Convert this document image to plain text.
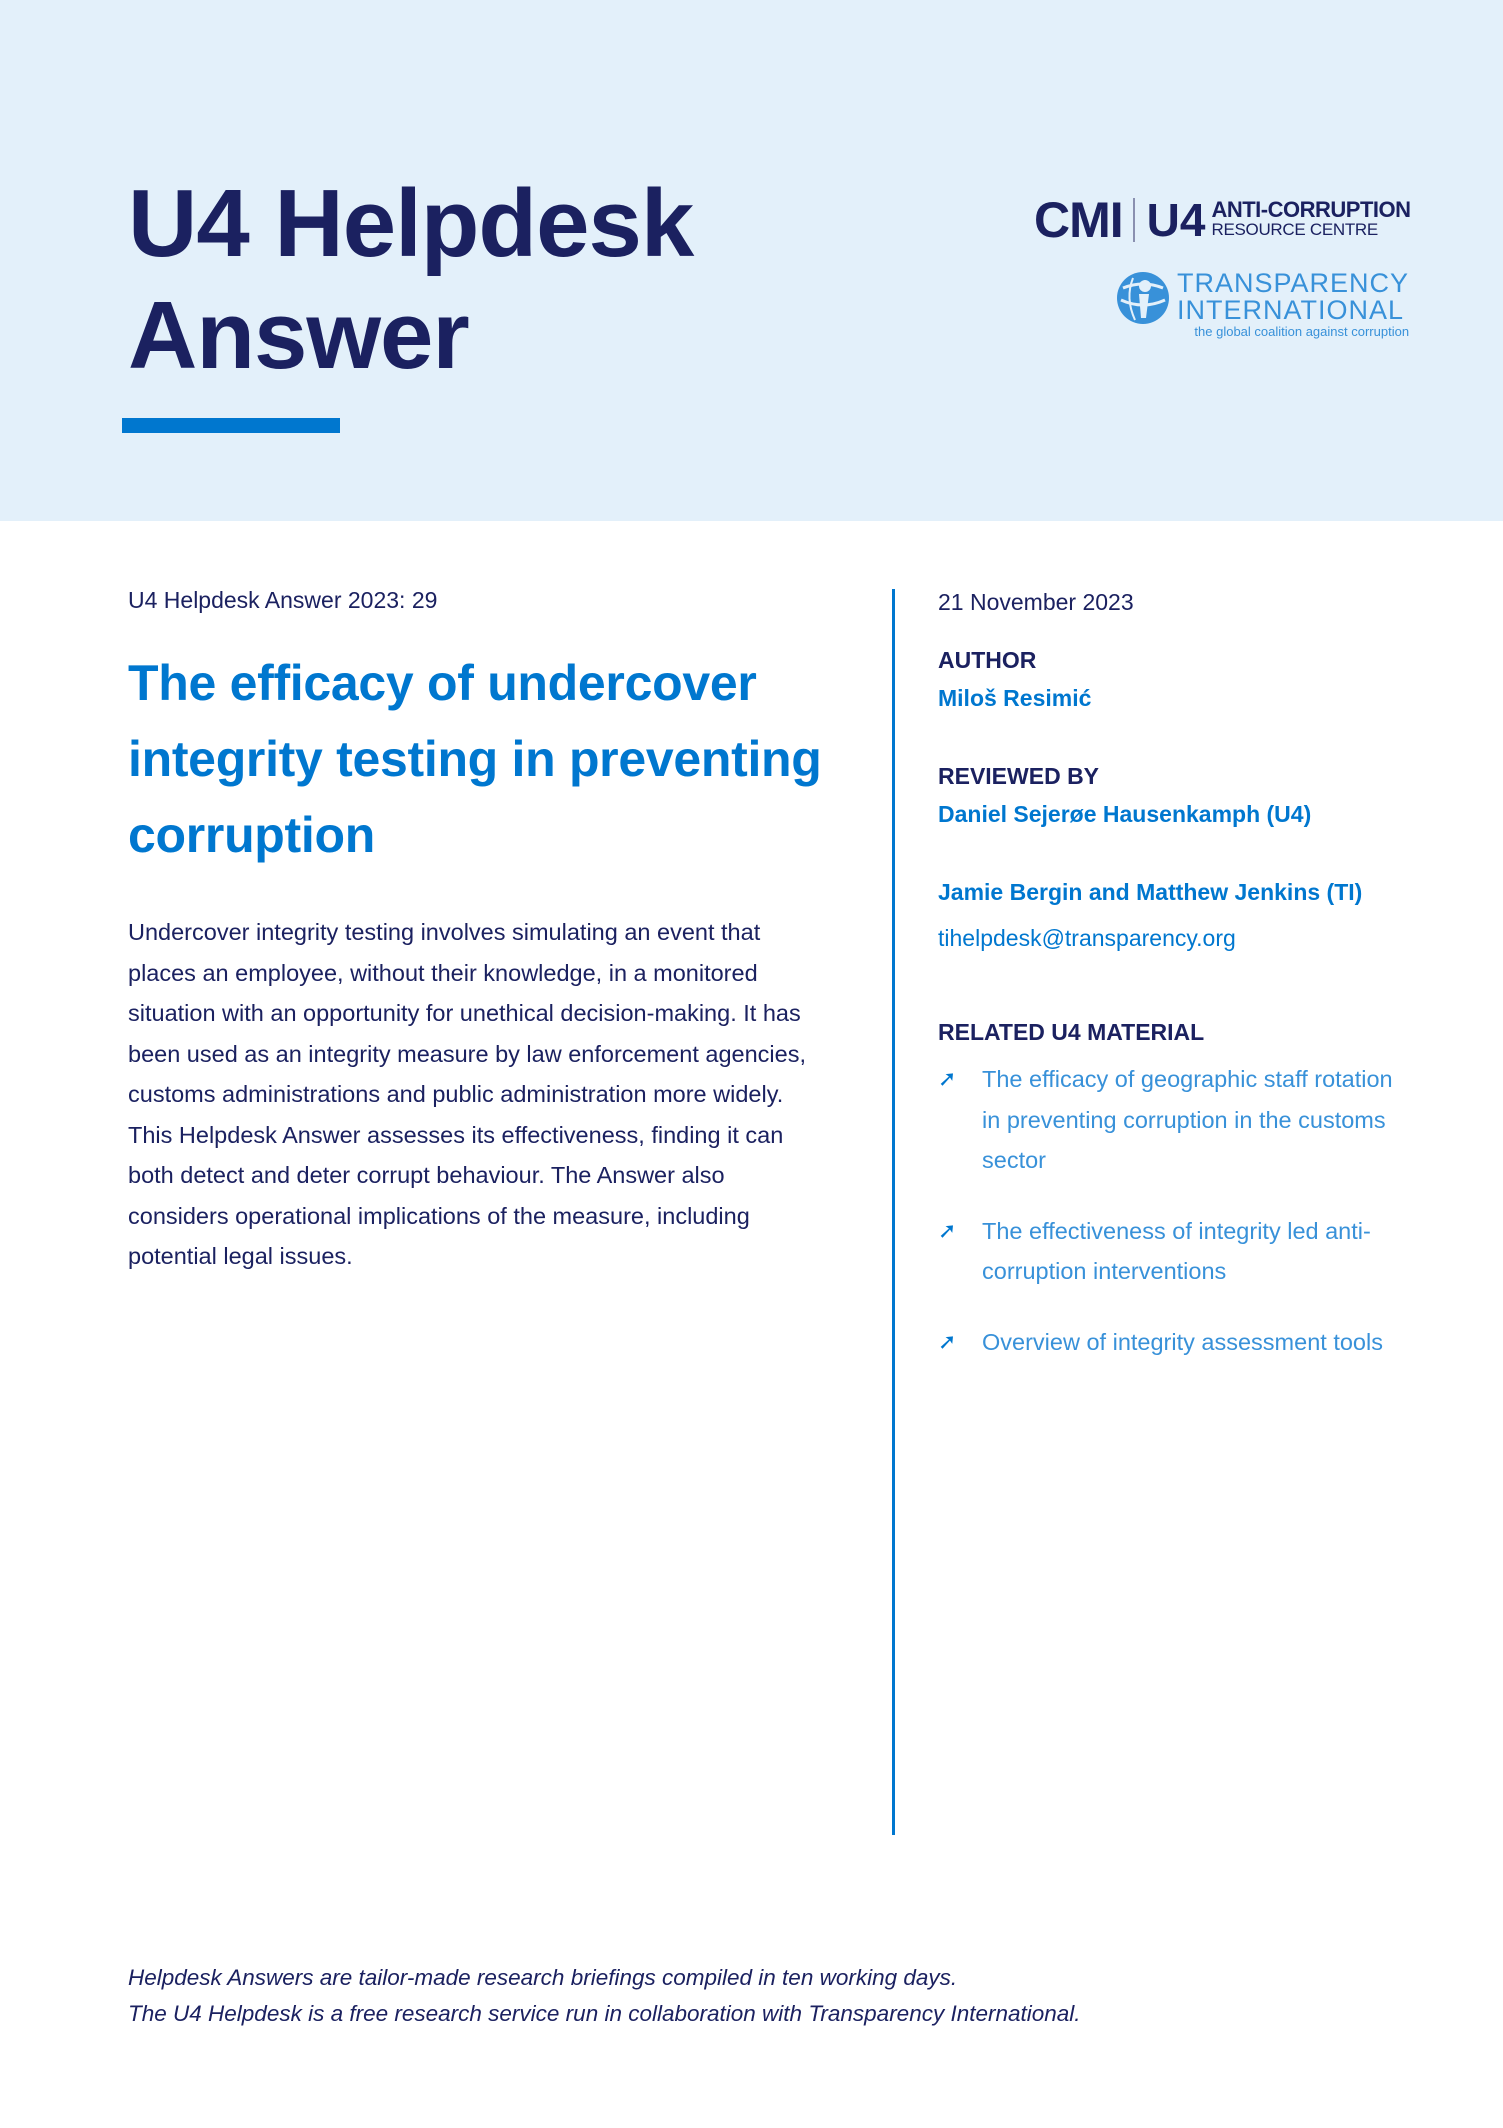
U4 Helpdesk
Answer
CMI U4 ANTI-CORRUPTION
RESOURCE CENTRE
TRANSPARENCY
INTERNATIONAL
the global coalition against corruption
U4 Helpdesk Answer 2023: 29
The efficacy of undercover integrity testing in preventing corruption

Undercover integrity testing involves simulating an event that places an employee, without their knowledge, in a monitored situation with an opportunity for unethical decision-making. It has been used as an integrity measure by law enforcement agencies, customs administrations and public administration more widely. This Helpdesk Answer assesses its effectiveness, finding it can both detect and deter corrupt behaviour. The Answer also considers operational implications of the measure, including potential legal issues.

21 November 2023
AUTHOR
Miloš Resimić
REVIEWED BY
Daniel Sejerøe Hausenkamph (U4)
Jamie Bergin and Matthew Jenkins (TI)
tihelpdesk@transparency.org
RELATED U4 MATERIAL
➚	The efficacy of geographic staff rotation in preventing corruption in the customs sector
➚	The effectiveness of integrity led anti-corruption interventions
➚	Overview of integrity assessment tools
Helpdesk Answers are tailor-made research briefings compiled in ten working days.
The U4 Helpdesk is a free research service run in collaboration with Transparency International.
